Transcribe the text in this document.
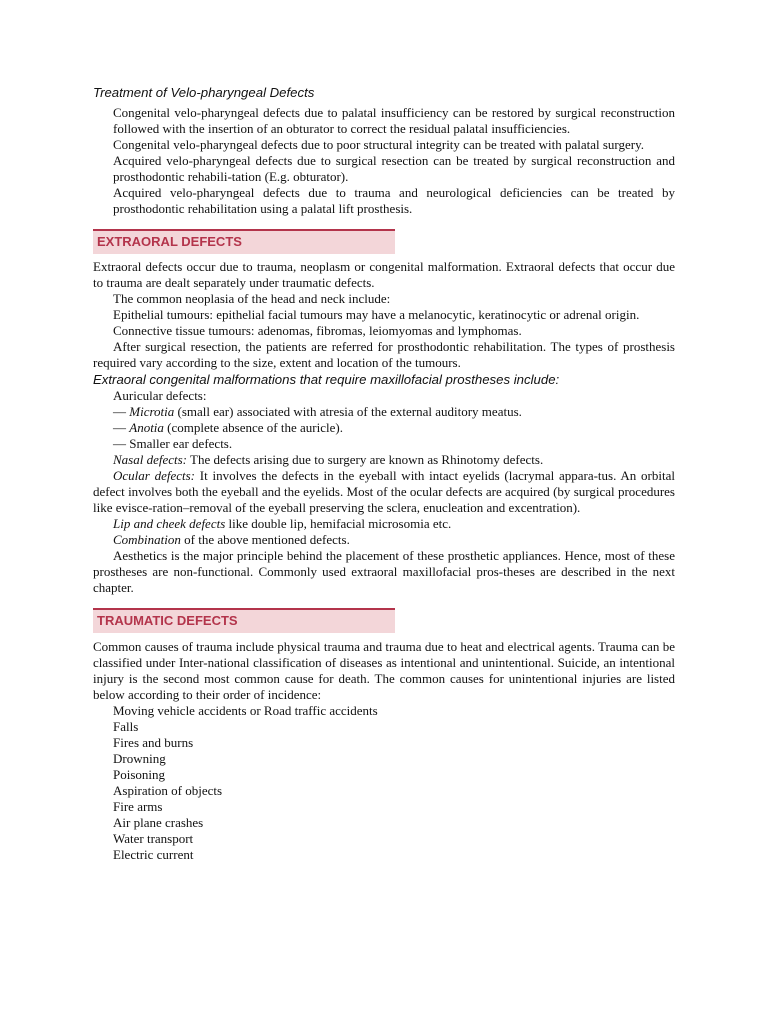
Treatment of Velo-pharyngeal Defects

Congenital velo-pharyngeal defects due to palatal insufficiency can be restored by surgical reconstruction followed with the insertion of an obturator to correct the residual palatal insufficiencies.

Congenital velo-pharyngeal defects due to poor structural integrity can be treated with palatal surgery.

Acquired velo-pharyngeal defects due to surgical resection can be treated by surgical reconstruction and prosthodontic rehabili-tation (E.g. obturator).

Acquired velo-pharyngeal defects due to trauma and neurological deficiencies can be treated by prosthodontic rehabilitation using a palatal lift prosthesis.

EXTRAORAL DEFECTS

Extraoral defects occur due to trauma, neoplasm or congenital malformation. Extraoral defects that occur due to trauma are dealt separately under traumatic defects.

The common neoplasia of the head and neck include:

Epithelial tumours: epithelial facial tumours may have a melanocytic, keratinocytic or adrenal origin.

Connective tissue tumours: adenomas, fibromas, leiomyomas and lymphomas.

After surgical resection, the patients are referred for prosthodontic rehabilitation. The types of prosthesis required vary according to the size, extent and location of the tumours.

Extraoral congenital malformations that require maxillofacial prostheses include:
Auricular defects:
— Microtia (small ear) associated with atresia of the external auditory meatus.
— Anotia (complete absence of the auricle).
— Smaller ear defects.
Nasal defects: The defects arising due to surgery are known as Rhinotomy defects.

Ocular defects: It involves the defects in the eyeball with intact eyelids (lacrymal appara-tus. An orbital defect involves both the eyeball and the eyelids. Most of the ocular defects are acquired (by surgical procedures like evisce-ration–removal of the eyeball preserving the sclera, enucleation and excentration).

Lip and cheek defects like double lip, hemifacial microsomia etc.
Combination of the above mentioned defects.

Aesthetics is the major principle behind the placement of these prosthetic appliances. Hence, most of these prostheses are non-functional. Commonly used extraoral maxillofacial pros-theses are described in the next chapter.

TRAUMATIC DEFECTS

Common causes of trauma include physical trauma and trauma due to heat and electrical agents. Trauma can be classified under Inter-national classification of diseases as intentional and unintentional. Suicide, an intentional injury is the second most common cause for death. The common causes for unintentional injuries are listed below according to their order of incidence:

Moving vehicle accidents or Road traffic accidents
Falls
Fires and burns
Drowning
Poisoning
Aspiration of objects
Fire arms
Air plane crashes
Water transport
Electric current
